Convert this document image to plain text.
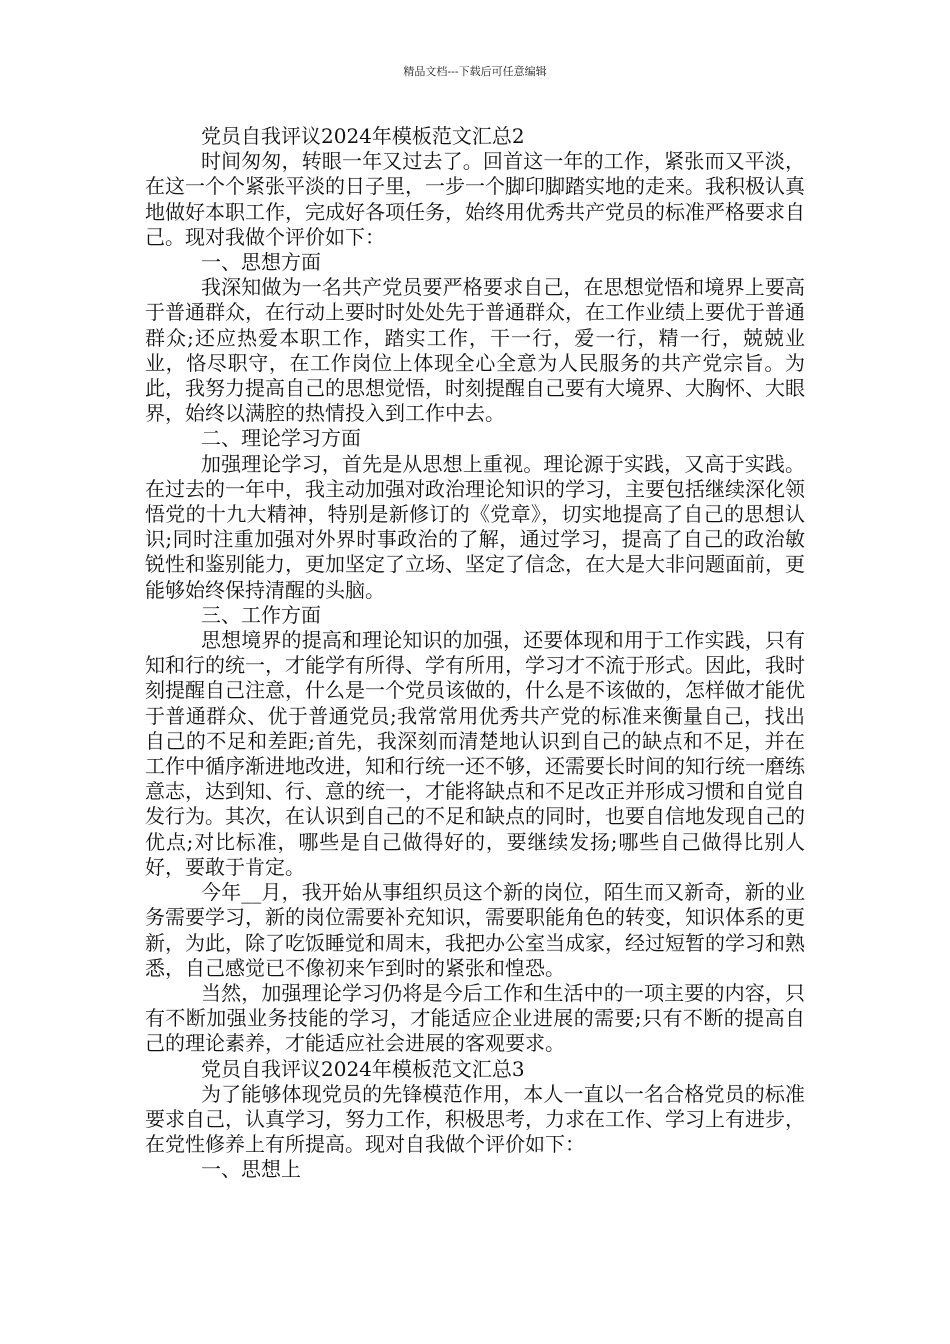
精品文档---下载后可任意编辑

党员自我评议2024年模板范文汇总2

时间匆匆，转眼一年又过去了。回首这一年的工作，紧张而又平淡，在这一个个紧张平淡的日子里，一步一个脚印脚踏实地的走来。我积极认真地做好本职工作，完成好各项任务，始终用优秀共产党员的标准严格要求自己。现对我做个评价如下：

一、思想方面

我深知做为一名共产党员要严格要求自己，在思想觉悟和境界上要高于普通群众，在行动上要时时处处先于普通群众，在工作业绩上要优于普通群众;还应热爱本职工作，踏实工作，干一行，爱一行，精一行，兢兢业业，恪尽职守，在工作岗位上体现全心全意为人民服务的共产党宗旨。为此，我努力提高自己的思想觉悟，时刻提醒自己要有大境界、大胸怀、大眼界，始终以满腔的热情投入到工作中去。

二、理论学习方面

加强理论学习，首先是从思想上重视。理论源于实践，又高于实践。在过去的一年中，我主动加强对政治理论知识的学习，主要包括继续深化领悟党的十九大精神，特别是新修订的《党章》，切实地提高了自己的思想认识;同时注重加强对外界时事政治的了解，通过学习，提高了自己的政治敏锐性和鉴别能力，更加坚定了立场、坚定了信念，在大是大非问题面前，更能够始终保持清醒的头脑。

三、工作方面

思想境界的提高和理论知识的加强，还要体现和用于工作实践，只有知和行的统一，才能学有所得、学有所用，学习才不流于形式。因此，我时刻提醒自己注意，什么是一个党员该做的，什么是不该做的，怎样做才能优于普通群众、优于普通党员;我常常用优秀共产党的标准来衡量自己，找出自己的不足和差距;首先，我深刻而清楚地认识到自己的缺点和不足，并在工作中循序渐进地改进，知和行统一还不够，还需要长时间的知行统一磨练意志，达到知、行、意的统一，才能将缺点和不足改正并形成习惯和自觉自发行为。其次，在认识到自己的不足和缺点的同时，也要自信地发现自己的优点;对比标准，哪些是自己做得好的，要继续发扬;哪些自己做得比别人好，要敢于肯定。

今年__月，我开始从事组织员这个新的岗位，陌生而又新奇，新的业务需要学习，新的岗位需要补充知识，需要职能角色的转变，知识体系的更新，为此，除了吃饭睡觉和周末，我把办公室当成家，经过短暂的学习和熟悉，自己感觉已不像初来乍到时的紧张和惶恐。

当然，加强理论学习仍将是今后工作和生活中的一项主要的内容，只有不断加强业务技能的学习，才能适应企业进展的需要;只有不断的提高自己的理论素养，才能适应社会进展的客观要求。

党员自我评议2024年模板范文汇总3

为了能够体现党员的先锋模范作用，本人一直以一名合格党员的标准要求自己，认真学习，努力工作，积极思考，力求在工作、学习上有进步，在党性修养上有所提高。现对自我做个评价如下：

一、思想上
